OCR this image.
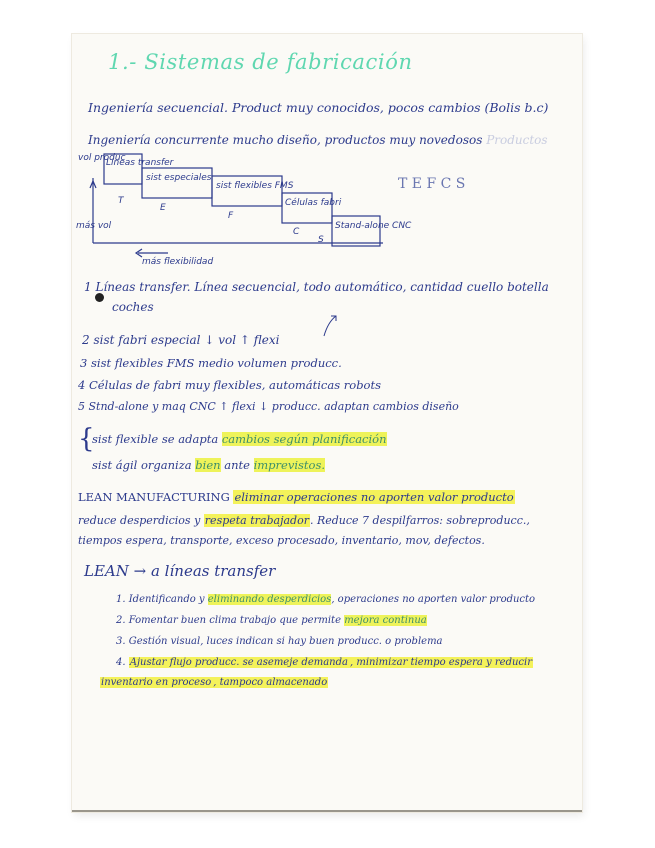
1.- Sistemas de fabricación
Ingeniería secuencial. Product muy conocidos, pocos cambios (Bolis b.c)
Ingeniería concurrente mucho diseño, productos muy novedosos Productos
vol produc
más vol
Líneas transfer
sist especiales
sist flexibles FMS
Células fabri
Stand-alone CNC
T
E
F
C
S
más flexibilidad
T E F C S
1 Líneas transfer. Línea secuencial, todo automático, cantidad cuello botella
coches
2 sist fabri especial ↓ vol ↑ flexi
3 sist flexibles FMS medio volumen producc.
4 Células de fabri muy flexibles, automáticas robots
5 Stnd-alone y maq CNC ↑ flexi ↓ producc. adaptan cambios diseño
{
sist flexible se adapta cambios según planificación
sist ágil organiza bien ante imprevistos.
LEAN MANUFACTURING eliminar operaciones no aporten valor producto
reduce desperdicios y respeta trabajador. Reduce 7 despilfarros: sobreproducc.,
tiempos espera, transporte, exceso procesado, inventario, mov, defectos.
LEAN → a líneas transfer
1. Identificando y eliminando desperdicios, operaciones no aporten valor producto
2. Fomentar buen clima trabajo que permite mejora continua
3. Gestión visual, luces indican si hay buen producc. o problema
4. Ajustar flujo producc. se asemeje demanda , minimizar tiempo espera y reducir
inventario en proceso , tampoco almacenado
